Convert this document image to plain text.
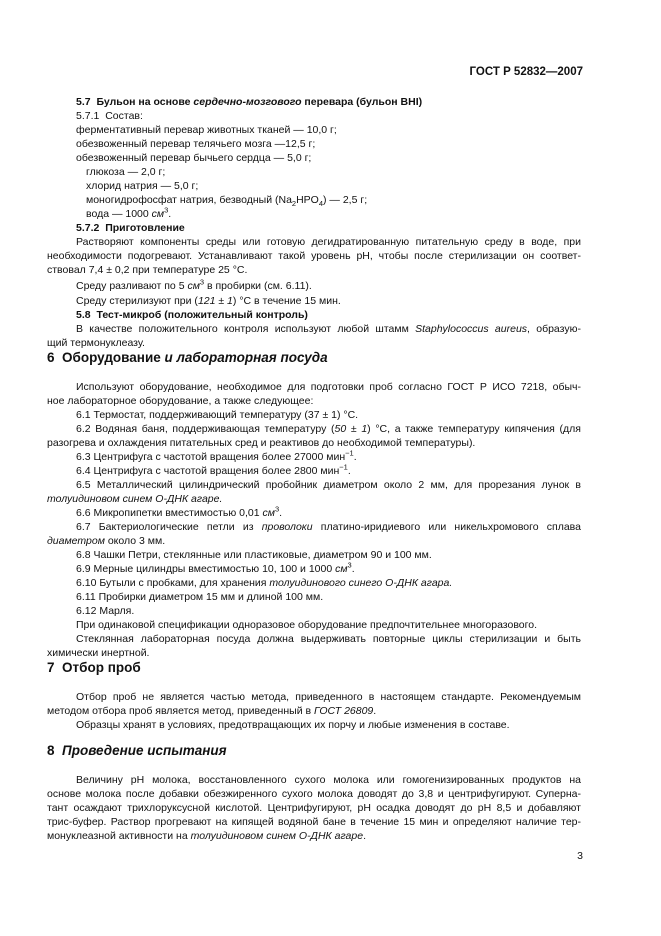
ГОСТ Р 52832—2007
5.7 Бульон на основе сердечно-мозгового перевара (бульон BHI)
5.7.1 Состав:
ферментативный перевар животных тканей — 10,0 г;
обезвоженный перевар телячьего мозга —12,5 г;
обезвоженный перевар бычьего сердца — 5,0 г;
глюкоза — 2,0 г;
хлорид натрия — 5,0 г;
моногидрофосфат натрия, безводный $(Na_2HPO_4)$ — 2,5 г;
вода — 1000 $см^3$.
5.7.2 Приготовление
Растворяют компоненты среды или готовую дегидратированную питательную среду в воде, при
необходимости подогревают. Устанавливают такой уровень pH, чтобы после стерилизации он соответ-
ствовал 7,4 ± 0,2 при температуре 25 °С.
Среду разливают по 5 $см^3$ в пробирки (см. 6.11).
Среду стерилизуют при (121 ± 1) °С в течение 15 мин.
5.8 Тест-микроб (положительный контроль)
В качестве положительного контроля используют любой штамм Staphylococcus aureus, образую-
щий термонуклеазу.
6 Оборудование и лабораторная посуда
Используют оборудование, необходимое для подготовки проб согласно ГОСТ Р ИСО 7218, обыч-
ное лабораторное оборудование, а также следующее:
6.1 Термостат, поддерживающий температуру (37 ± 1) °С.
6.2 Водяная баня, поддерживающая температуру (50 ± 1) °С, а также температуру кипячения (для
разогрева и охлаждения питательных сред и реактивов до необходимой температуры).
6.3 Центрифуга с частотой вращения более 27000 мин$^{-1}$.
6.4 Центрифуга с частотой вращения более 2800 мин$^{-1}$.
6.5 Металлический цилиндрический пробойник диаметром около 2 мм, для прорезания лунок в
толуидиновом синем О-ДНК агаре.
6.6 Микропипетки вместимостью 0,01 $см^3$.
6.7 Бактериологические петли из проволоки платино-иридиевого или никельхромового сплава
диаметром около 3 мм.
6.8 Чашки Петри, стеклянные или пластиковые, диаметром 90 и 100 мм.
6.9 Мерные цилиндры вместимостью 10, 100 и 1000 $см^3$.
6.10 Бутыли с пробками, для хранения толуидинового синего О-ДНК агара.
6.11 Пробирки диаметром 15 мм и длиной 100 мм.
6.12 Марля.
При одинаковой спецификации одноразовое оборудование предпочтительнее многоразового.
Стеклянная лабораторная посуда должна выдерживать повторные циклы стерилизации и быть
химически инертной.
7 Отбор проб
Отбор проб не является частью метода, приведенного в настоящем стандарте. Рекомендуемым
методом отбора проб является метод, приведенный в ГОСТ 26809.
Образцы хранят в условиях, предотвращающих их порчу и любые изменения в составе.
8 Проведение испытания
Величину pH молока, восстановленного сухого молока или гомогенизированных продуктов на
основе молока после добавки обезжиренного сухого молока доводят до 3,8 и центрифугируют. Суперна-
тант осаждают трихлоруксусной кислотой. Центрифугируют, pH осадка доводят до pH 8,5 и добавляют
трис-буфер. Раствор прогревают на кипящей водяной бане в течение 15 мин и определяют наличие тер-
монуклеазной активности на толуидиновом синем О-ДНК агаре.
3
